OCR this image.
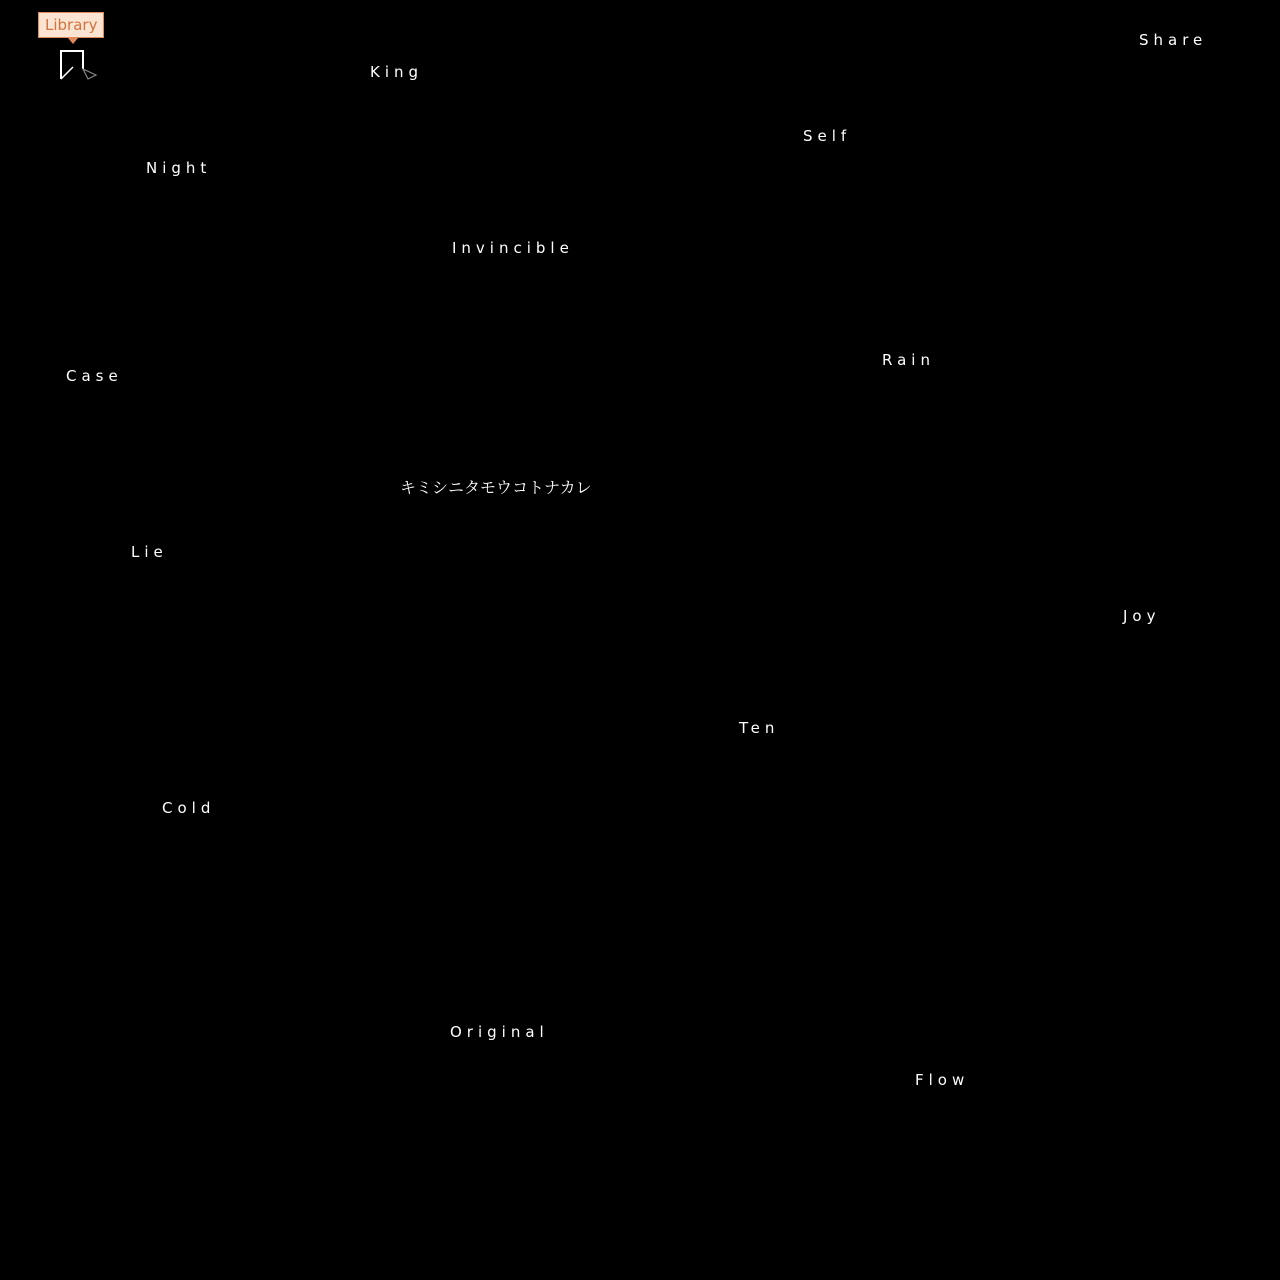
Library
Share
King
Self
Night
Invincible
Rain
Case
キミシニタモウコトナカレ
Lie
Joy
Ten
Cold
Original
Flow
